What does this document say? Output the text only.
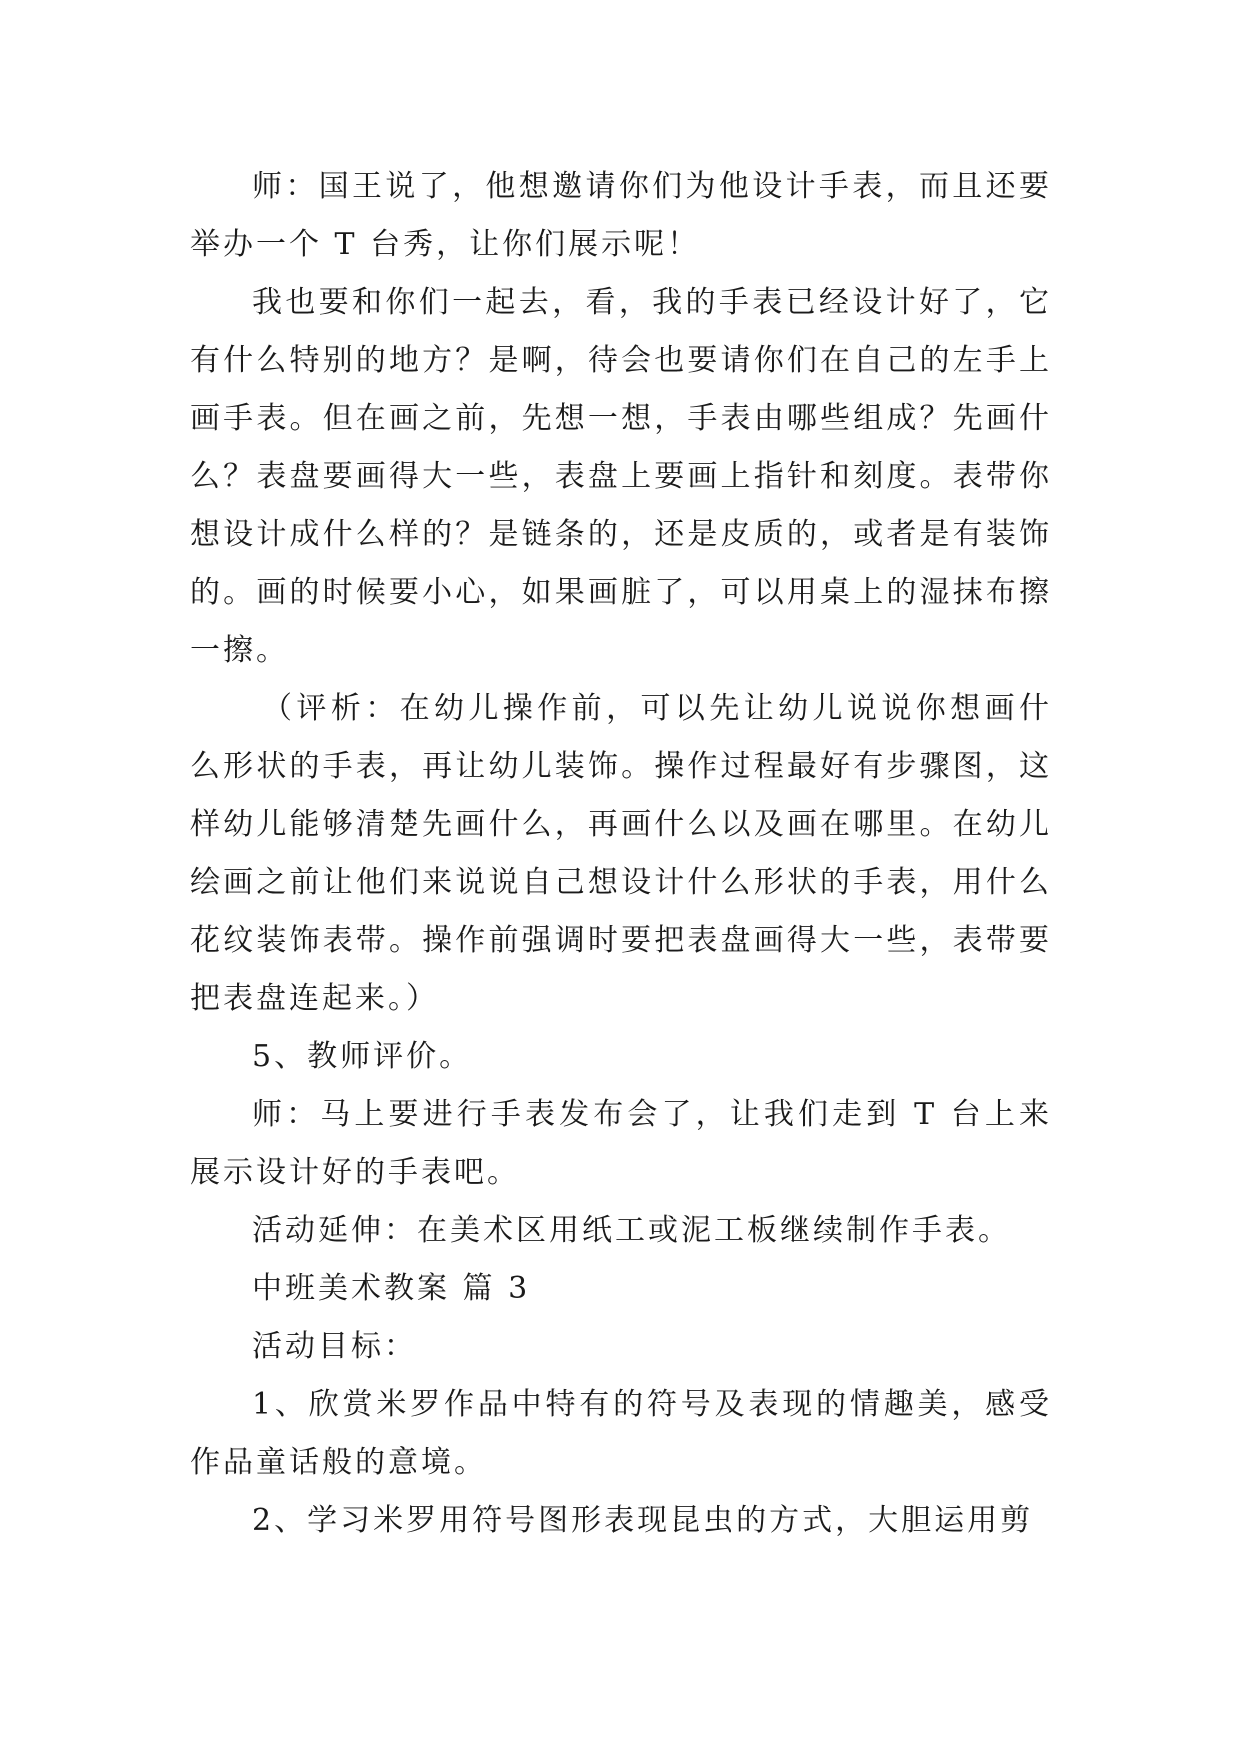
师：国王说了，他想邀请你们为他设计手表，而且还要举办一个 T 台秀，让你们展示呢！

我也要和你们一起去，看，我的手表已经设计好了，它有什么特别的地方？是啊，待会也要请你们在自己的左手上画手表。但在画之前，先想一想，手表由哪些组成？先画什么？表盘要画得大一些，表盘上要画上指针和刻度。表带你想设计成什么样的？是链条的，还是皮质的，或者是有装饰的。画的时候要小心，如果画脏了，可以用桌上的湿抹布擦一擦。

（评析：在幼儿操作前，可以先让幼儿说说你想画什么形状的手表，再让幼儿装饰。操作过程最好有步骤图，这样幼儿能够清楚先画什么，再画什么以及画在哪里。在幼儿绘画之前让他们来说说自己想设计什么形状的手表，用什么花纹装饰表带。操作前强调时要把表盘画得大一些，表带要把表盘连起来。）

5、教师评价。

师：马上要进行手表发布会了，让我们走到 T 台上来展示设计好的手表吧。

活动延伸：在美术区用纸工或泥工板继续制作手表。

中班美术教案 篇 3

活动目标：

1、欣赏米罗作品中特有的符号及表现的情趣美，感受作品童话般的意境。

2、学习米罗用符号图形表现昆虫的方式，大胆运用剪
